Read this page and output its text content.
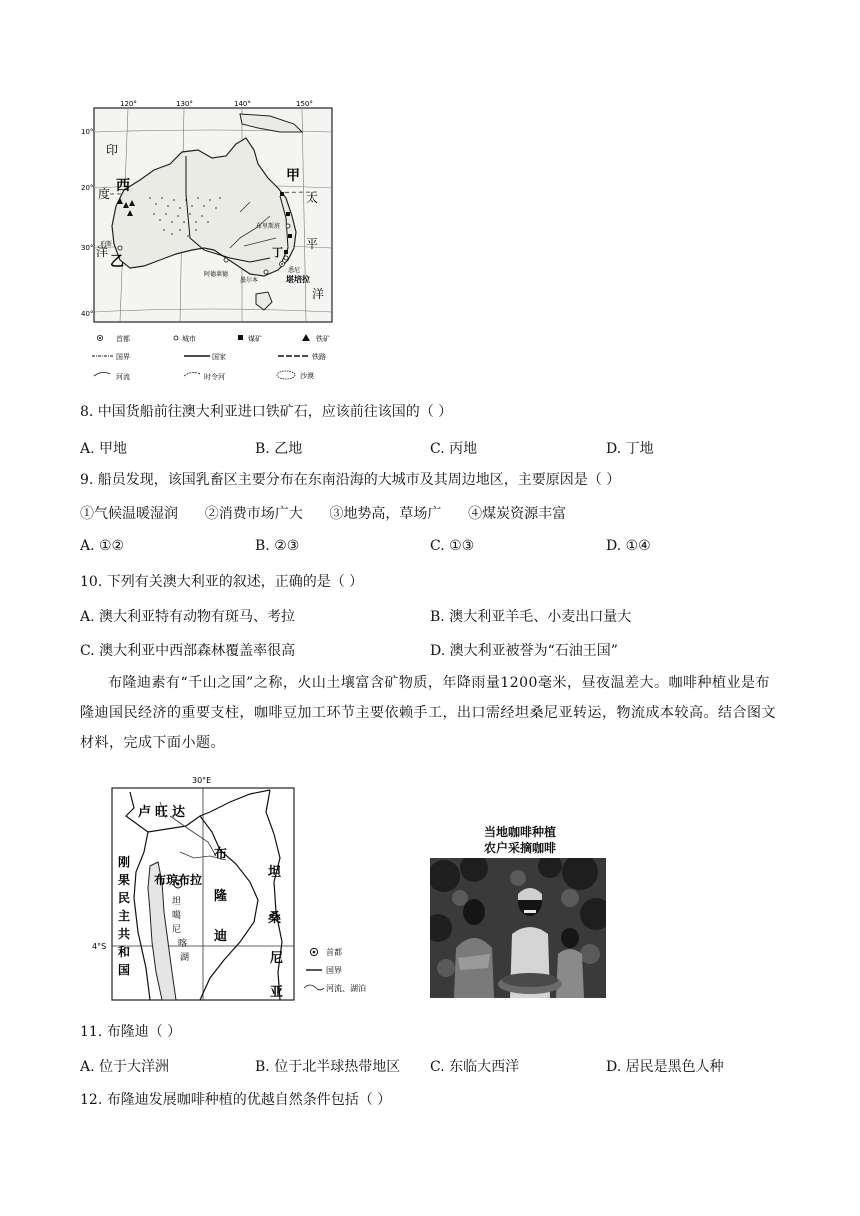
120°	130°	140°	150°
10°
20°
30°
40°
印
度 西
洋
乙
甲
太
平
洋
丁
布里斯班
悉尼
墨尔本	堪培拉
珀斯
阿德莱德
首都	城市	煤矿	铁矿
国界	国家	铁路
河流	时令河	沙漠
8. 中国货船前往澳大利亚进口铁矿石，应该前往该国的（ ）
A. 甲地	B. 乙地	C. 丙地	D. 丁地
9. 船员发现，该国乳畜区主要分布在东南沿海的大城市及其周边地区，主要原因是（ ）
①气候温暖湿润      ②消费市场广大      ③地势高，草场广      ④煤炭资源丰富
A. ①②	B. ②③	C. ①③	D. ①④
10. 下列有关澳大利亚的叙述，正确的是（ ）
A. 澳大利亚特有动物有斑马、考拉	B. 澳大利亚羊毛、小麦出口量大
C. 澳大利亚中西部森林覆盖率很高	D. 澳大利亚被誉为“石油王国”
布隆迪素有“千山之国”之称，火山土壤富含矿物质，年降雨量1200毫米，昼夜温差大。咖啡种植业是布隆迪国民经济的重要支柱，咖啡豆加工环节主要依赖手工，出口需经坦桑尼亚转运，物流成本较高。结合图文材料，完成下面小题。
30°E
4°S
卢旺达
刚
果
民
主
共
和
国
布琼布拉
布
隆
迪
坦
噶
尼
喀
湖
坦
桑
尼
亚
首都
国界
河流、湖泊
当地咖啡种植
农户采摘咖啡
11. 布隆迪（ ）
A. 位于大洋洲	B. 位于北半球热带地区 C. 东临大西洋	D. 居民是黑色人种
12. 布隆迪发展咖啡种植的优越自然条件包括（ ）
